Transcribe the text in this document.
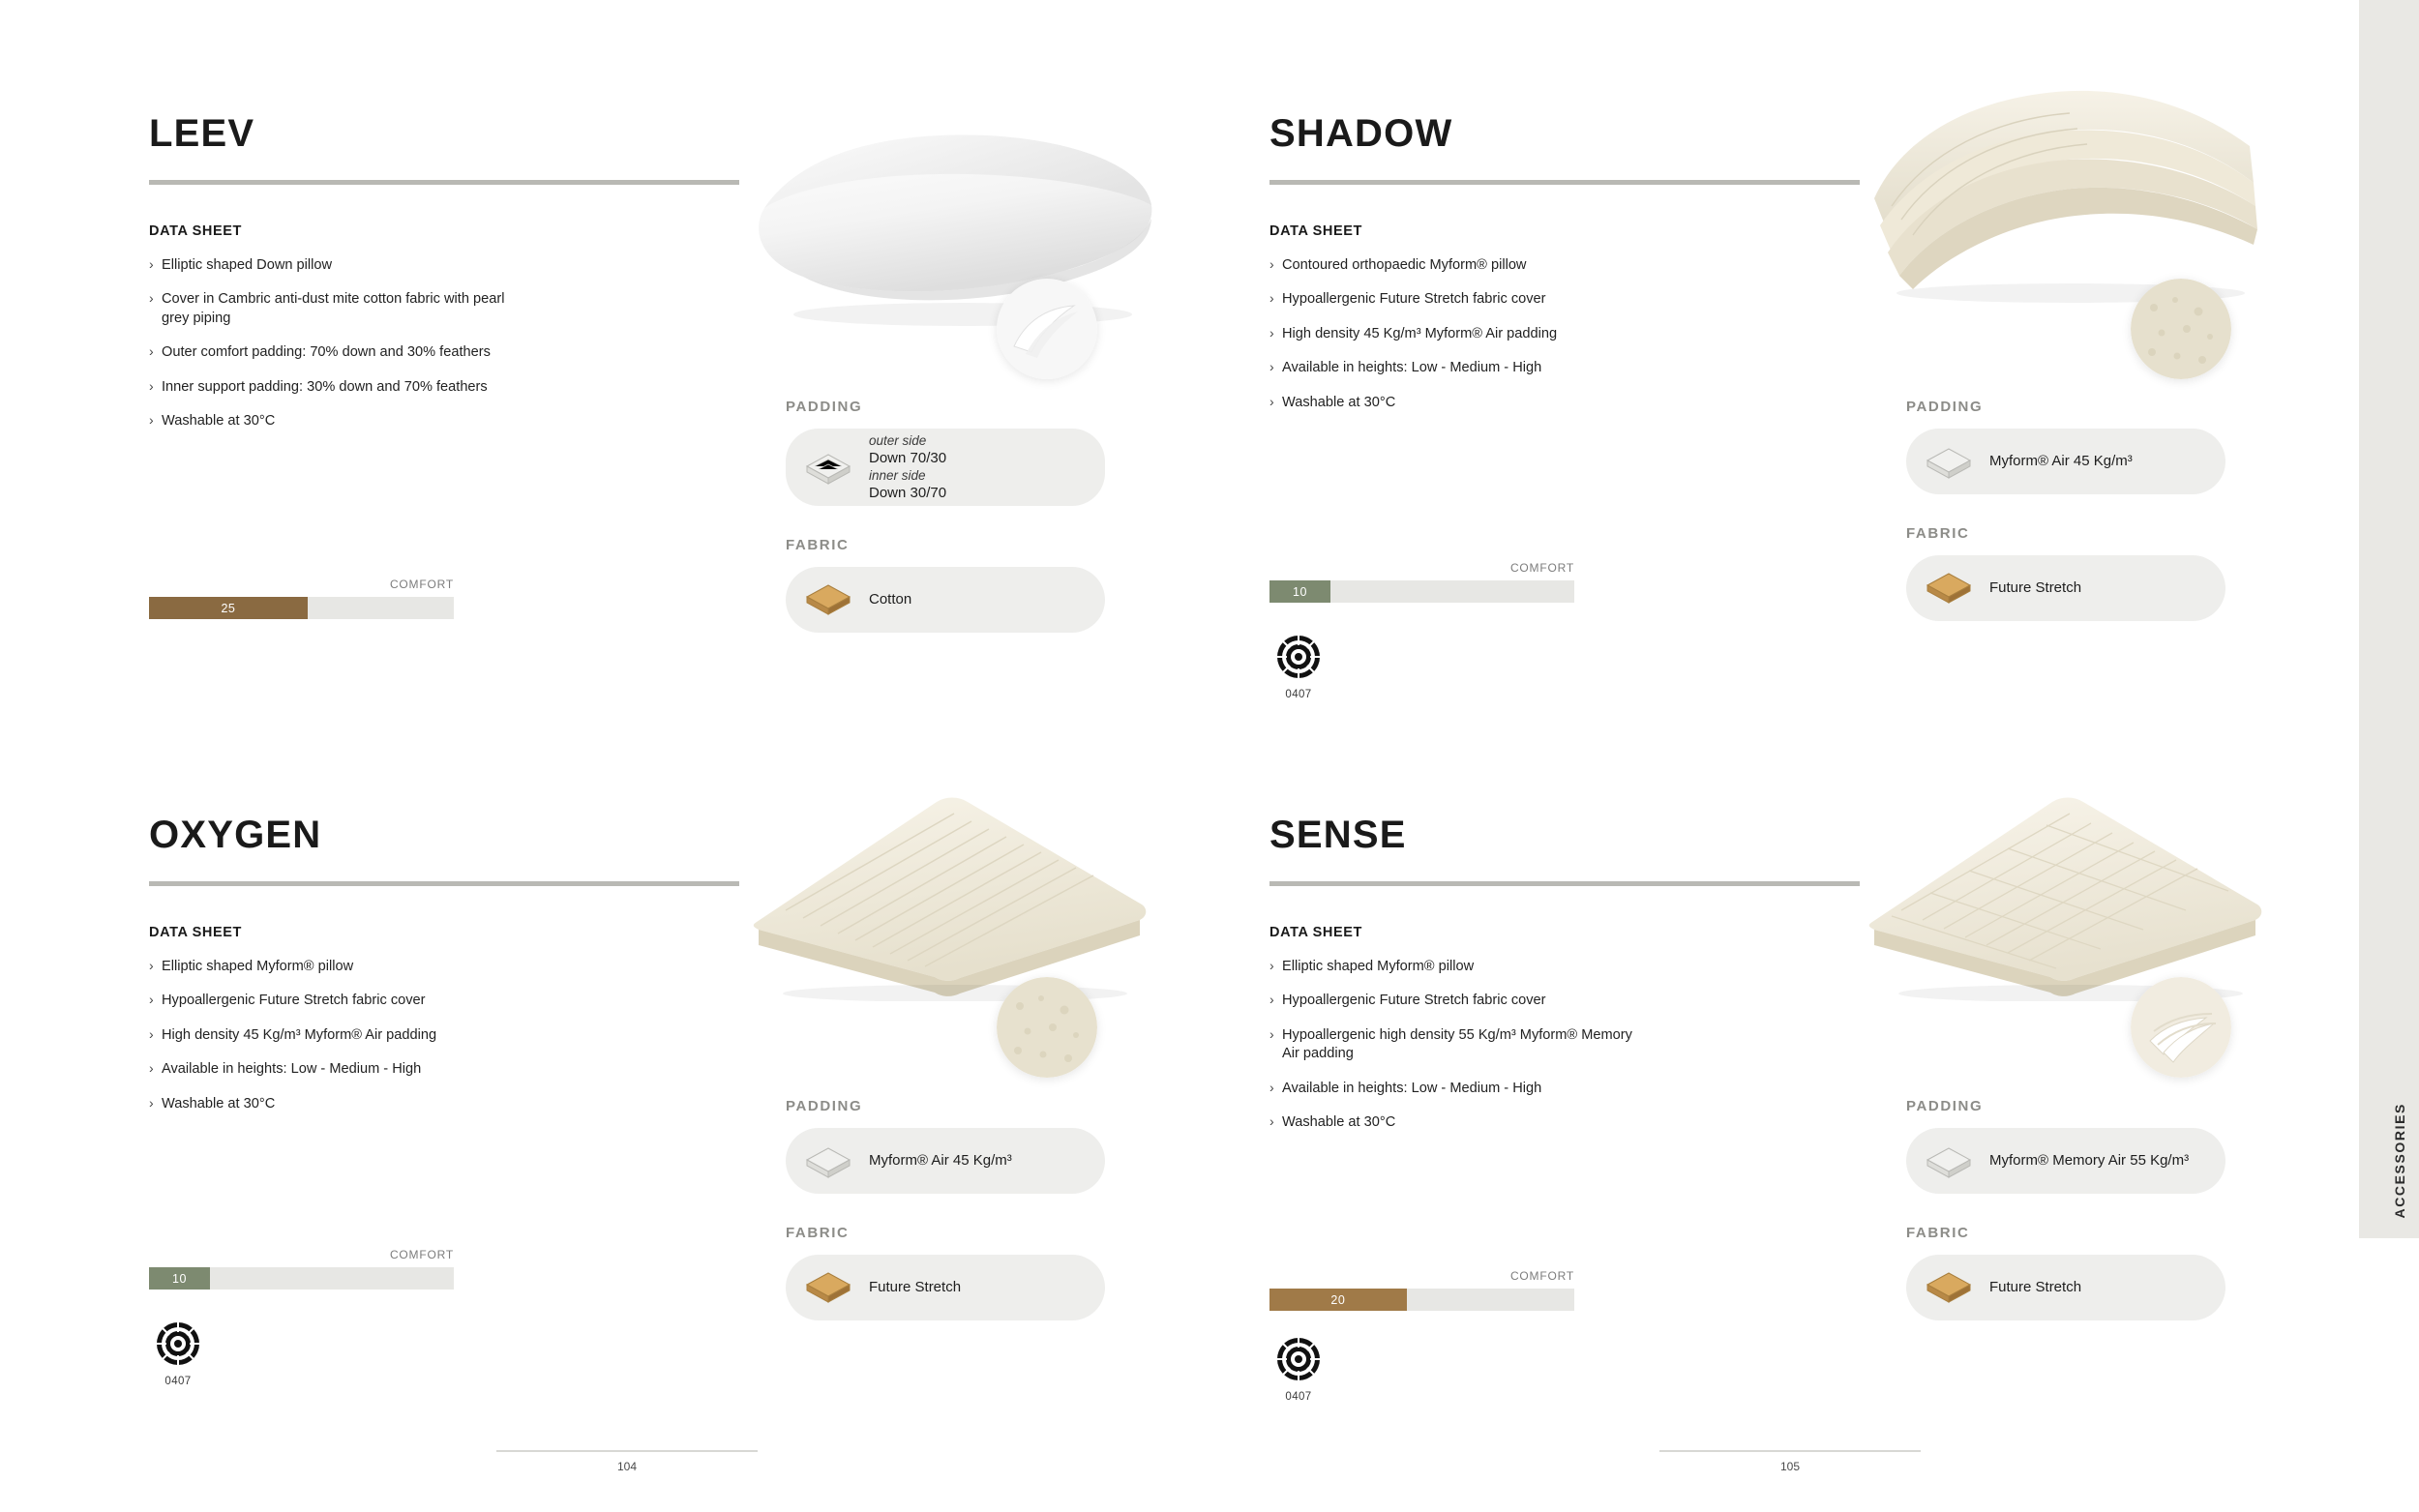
LEEV
DATA SHEET
› Elliptic shaped Down pillow
› Cover in Cambric anti-dust mite cotton fabric with pearl grey piping
› Outer comfort padding: 70% down and 30% feathers
› Inner support padding: 30% down and 70% feathers
› Washable at 30°C
COMFORT
25
PADDING
outer side
Down 70/30
inner side
Down 30/70
FABRIC
Cotton
SHADOW
DATA SHEET
› Contoured orthopaedic Myform® pillow
› Hypoallergenic Future Stretch fabric cover
› High density 45 Kg/m³ Myform® Air padding
› Available in heights: Low - Medium - High
› Washable at 30°C
COMFORT
10
0407
PADDING
Myform® Air 45 Kg/m³
FABRIC
Future Stretch
OXYGEN
DATA SHEET
› Elliptic shaped Myform® pillow
› Hypoallergenic Future Stretch fabric cover
› High density 45 Kg/m³ Myform® Air padding
› Available in heights: Low - Medium - High
› Washable at 30°C
COMFORT
10
0407
PADDING
Myform® Air 45 Kg/m³
FABRIC
Future Stretch
SENSE
DATA SHEET
› Elliptic shaped Myform® pillow
› Hypoallergenic Future Stretch fabric cover
› Hypoallergenic high density 55 Kg/m³ Myform® Memory Air padding
› Available in heights: Low - Medium - High
› Washable at 30°C
COMFORT
20
0407
PADDING
Myform® Memory Air 55 Kg/m³
FABRIC
Future Stretch
104	105
ACCESSORIES
